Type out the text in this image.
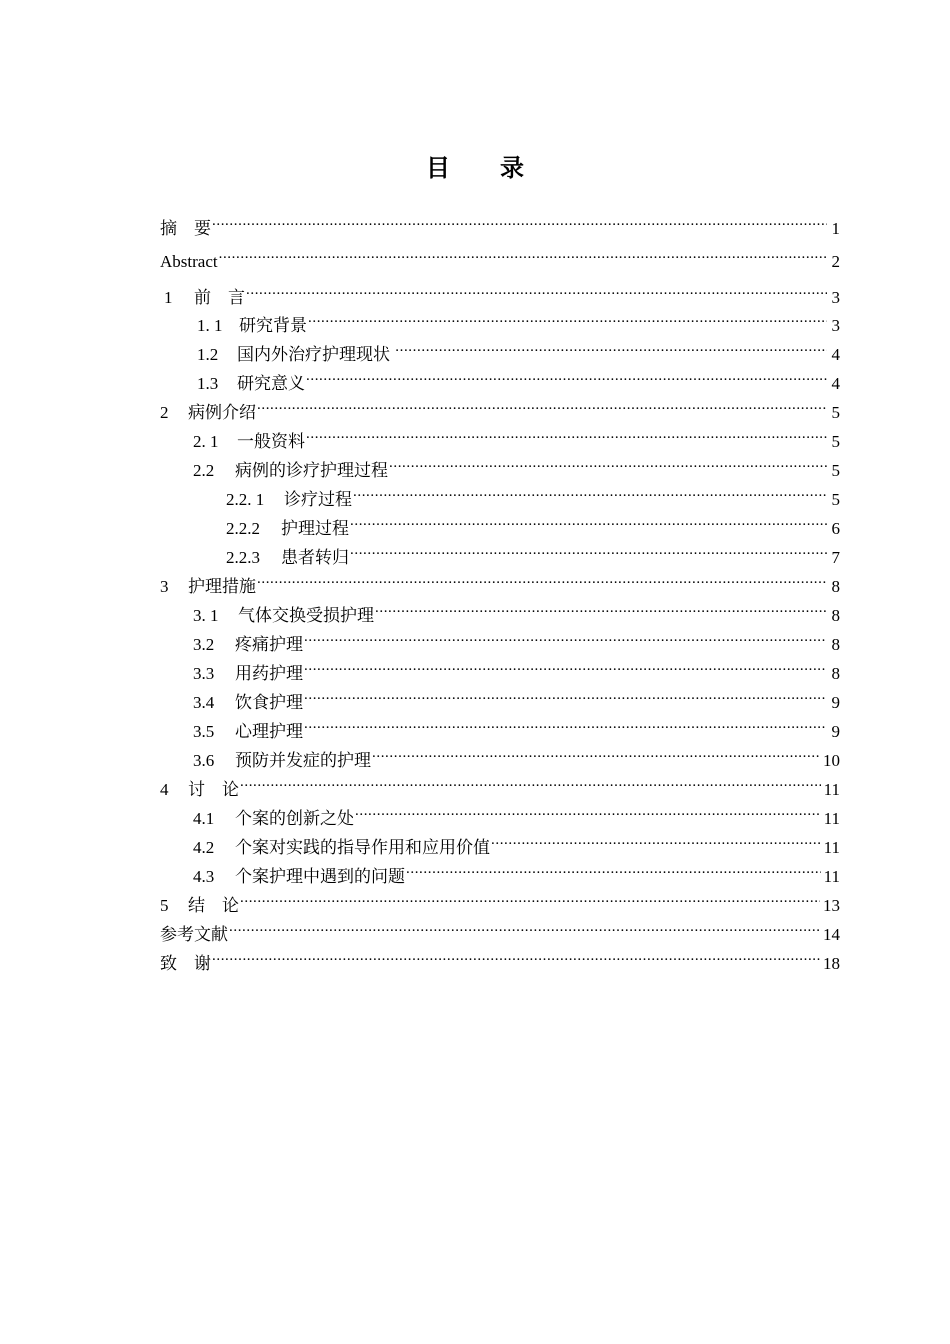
目 录
摘    要 .....	1
Abstract .....	2
1	前    言 .....	3
1. 1 研究背景 .....	3
1.2	国内外治疗护理现状 .....	4
1.3	研究意义 .....	4
2	病例介绍 .....	5
2. 1 一般资料 .....	5
2.2	病例的诊疗护理过程 .....	5
2.2. 1	诊疗过程 .....	5
2.2.2	护理过程 .....	6
2.2.3	患者转归 .....	7
3	护理措施 .....	8
3. 1 气体交换受损护理 .....	8
3.2	疼痛护理 .....	8
3.3	用药护理 .....	8
3.4	饮食护理 .....	9
3.5	心理护理 .....	9
3.6	预防并发症的护理 .....	10
4	讨    论 .....	11
4.1	个案的创新之处 .....	11
4.2	个案对实践的指导作用和应用价值 .....	11
4.3	个案护理中遇到的问题 .....	11
5	结    论 .....	13
参考文献 .....	14
致    谢 .....	18
